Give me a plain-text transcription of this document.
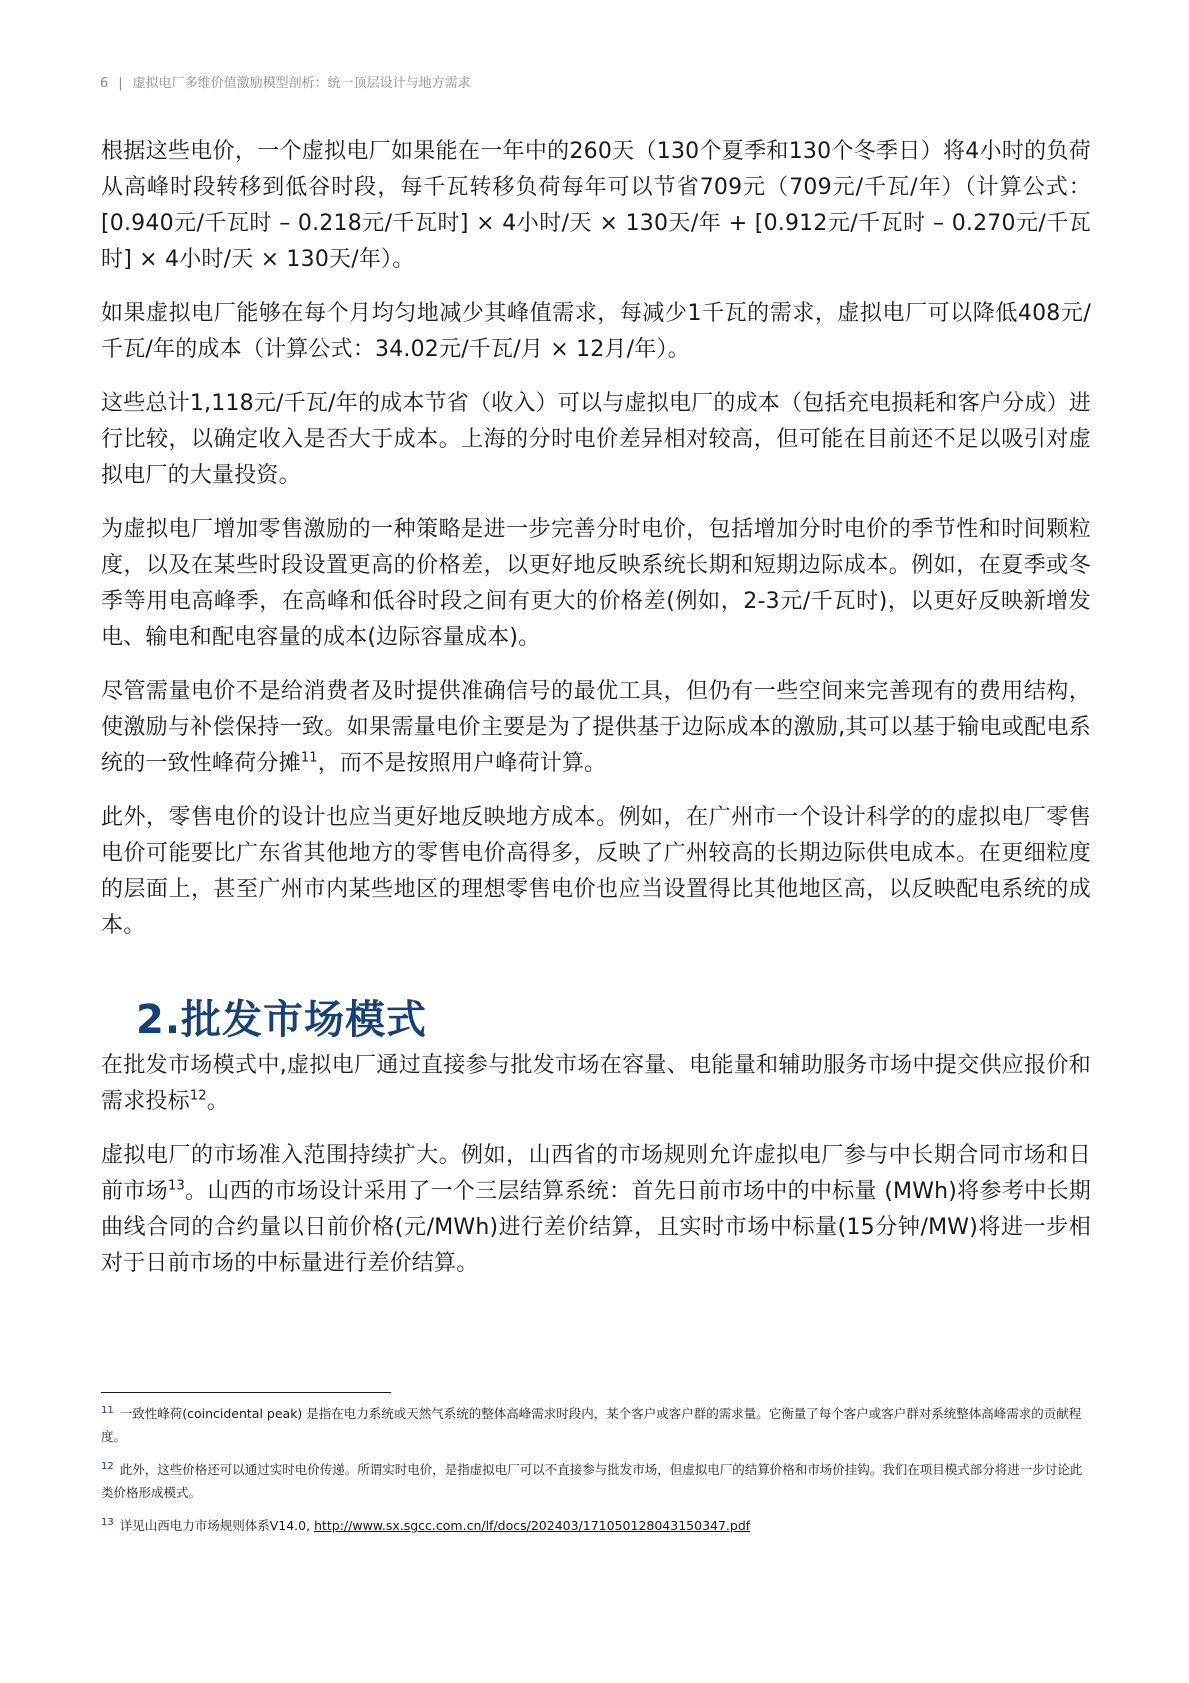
6 | 虚拟电厂多维价值激励模型剖析：统一顶层设计与地方需求

根据这些电价，一个虚拟电厂如果能在一年中的260天（130个夏季和130个冬季日）将4小时的负荷从高峰时段转移到低谷时段，每千瓦转移负荷每年可以节省709元（709元/千瓦/年）（计算公式：[0.940元/千瓦时 – 0.218元/千瓦时] × 4小时/天 × 130天/年 + [0.912元/千瓦时 – 0.270元/千瓦时] × 4小时/天 × 130天/年）。

如果虚拟电厂能够在每个月均匀地减少其峰值需求，每减少1千瓦的需求，虚拟电厂可以降低408元/千瓦/年的成本（计算公式：34.02元/千瓦/月 × 12月/年）。

这些总计1,118元/千瓦/年的成本节省（收入）可以与虚拟电厂的成本（包括充电损耗和客户分成）进行比较，以确定收入是否大于成本。上海的分时电价差异相对较高，但可能在目前还不足以吸引对虚拟电厂的大量投资。

为虚拟电厂增加零售激励的一种策略是进一步完善分时电价，包括增加分时电价的季节性和时间颗粒度，以及在某些时段设置更高的价格差，以更好地反映系统长期和短期边际成本。例如，在夏季或冬季等用电高峰季，在高峰和低谷时段之间有更大的价格差(例如，2-3元/千瓦时)，以更好反映新增发电、输电和配电容量的成本(边际容量成本)。

尽管需量电价不是给消费者及时提供准确信号的最优工具，但仍有一些空间来完善现有的费用结构，使激励与补偿保持一致。如果需量电价主要是为了提供基于边际成本的激励,其可以基于输电或配电系统的一致性峰荷分摊$^{11}$，而不是按照用户峰荷计算。

此外，零售电价的设计也应当更好地反映地方成本。例如，在广州市一个设计科学的的虚拟电厂零售电价可能要比广东省其他地方的零售电价高得多，反映了广州较高的长期边际供电成本。在更细粒度的层面上，甚至广州市内某些地区的理想零售电价也应当设置得比其他地区高，以反映配电系统的成本。

2.批发市场模式

在批发市场模式中,虚拟电厂通过直接参与批发市场在容量、电能量和辅助服务市场中提交供应报价和需求投标$^{12}$。

虚拟电厂的市场准入范围持续扩大。例如，山西省的市场规则允许虚拟电厂参与中长期合同市场和日前市场$^{13}$。山西的市场设计采用了一个三层结算系统：首先日前市场中的中标量 (MWh)将参考中长期曲线合同的合约量以日前价格(元/MWh)进行差价结算，且实时市场中标量(15分钟/MW)将进一步相对于日前市场的中标量进行差价结算。

$^{11}$ 一致性峰荷(coincidental peak) 是指在电力系统或天然气系统的整体高峰需求时段内，某个客户或客户群的需求量。它衡量了每个客户或客户群对系统整体高峰需求的贡献程度。

$^{12}$ 此外，这些价格还可以通过实时电价传递。所谓实时电价，是指虚拟电厂可以不直接参与批发市场，但虚拟电厂的结算价格和市场价挂钩。我们在项目模式部分将进一步讨论此类价格形成模式。

$^{13}$ 详见山西电力市场规则体系V14.0, http://www.sx.sgcc.com.cn/lf/docs/202403/171050128043150347.pdf
